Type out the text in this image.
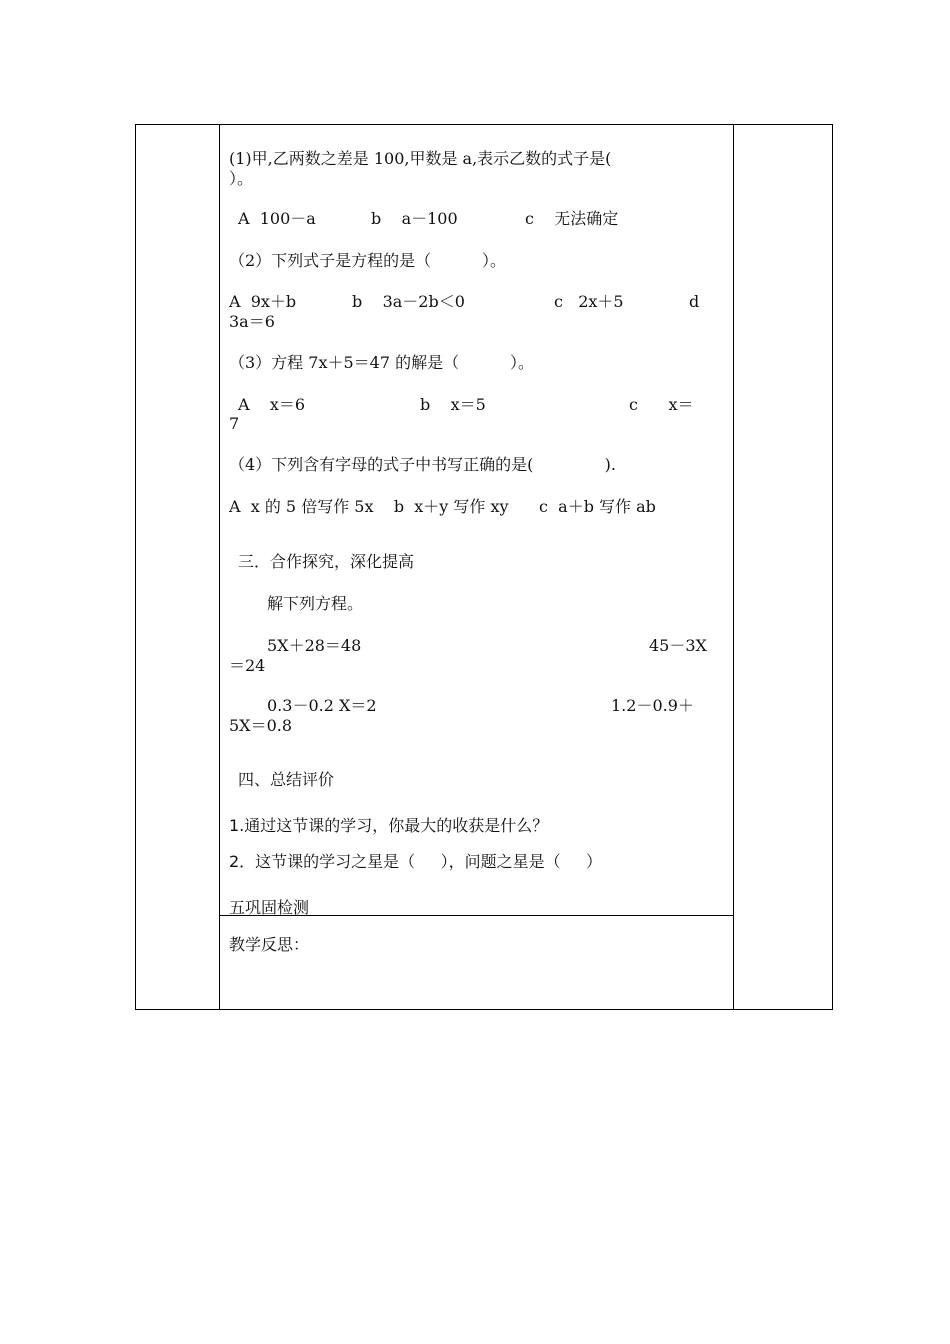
(1)甲,乙两数之差是 100,甲数是 a,表示乙数的式子是(
）。
A  100－a	b    a－100	c    无法确定
（2）下列式子是方程的是（          ）。
A  9x＋b	b    3a－2b＜0	c   2x＋5	d
3a＝6
（3）方程 7x＋5＝47 的解是（          ）。
A    x＝6	b    x＝5	c      x＝
7
（4）下列含有字母的式子中书写正确的是(              ).
A  x 的 5 倍写作 5x    b  x＋y 写作 xy      c  a＋b 写作 ab
三．合作探究，深化提高
解下列方程。
5X＋28＝48	45－3X
＝24
0.3－0.2 X＝2	1.2－0.9＋
5X＝0.8
四、总结评价
1.通过这节课的学习，你最大的收获是什么？
2．这节课的学习之星是（     ），问题之星是（     ）
五巩固检测
教学反思：
